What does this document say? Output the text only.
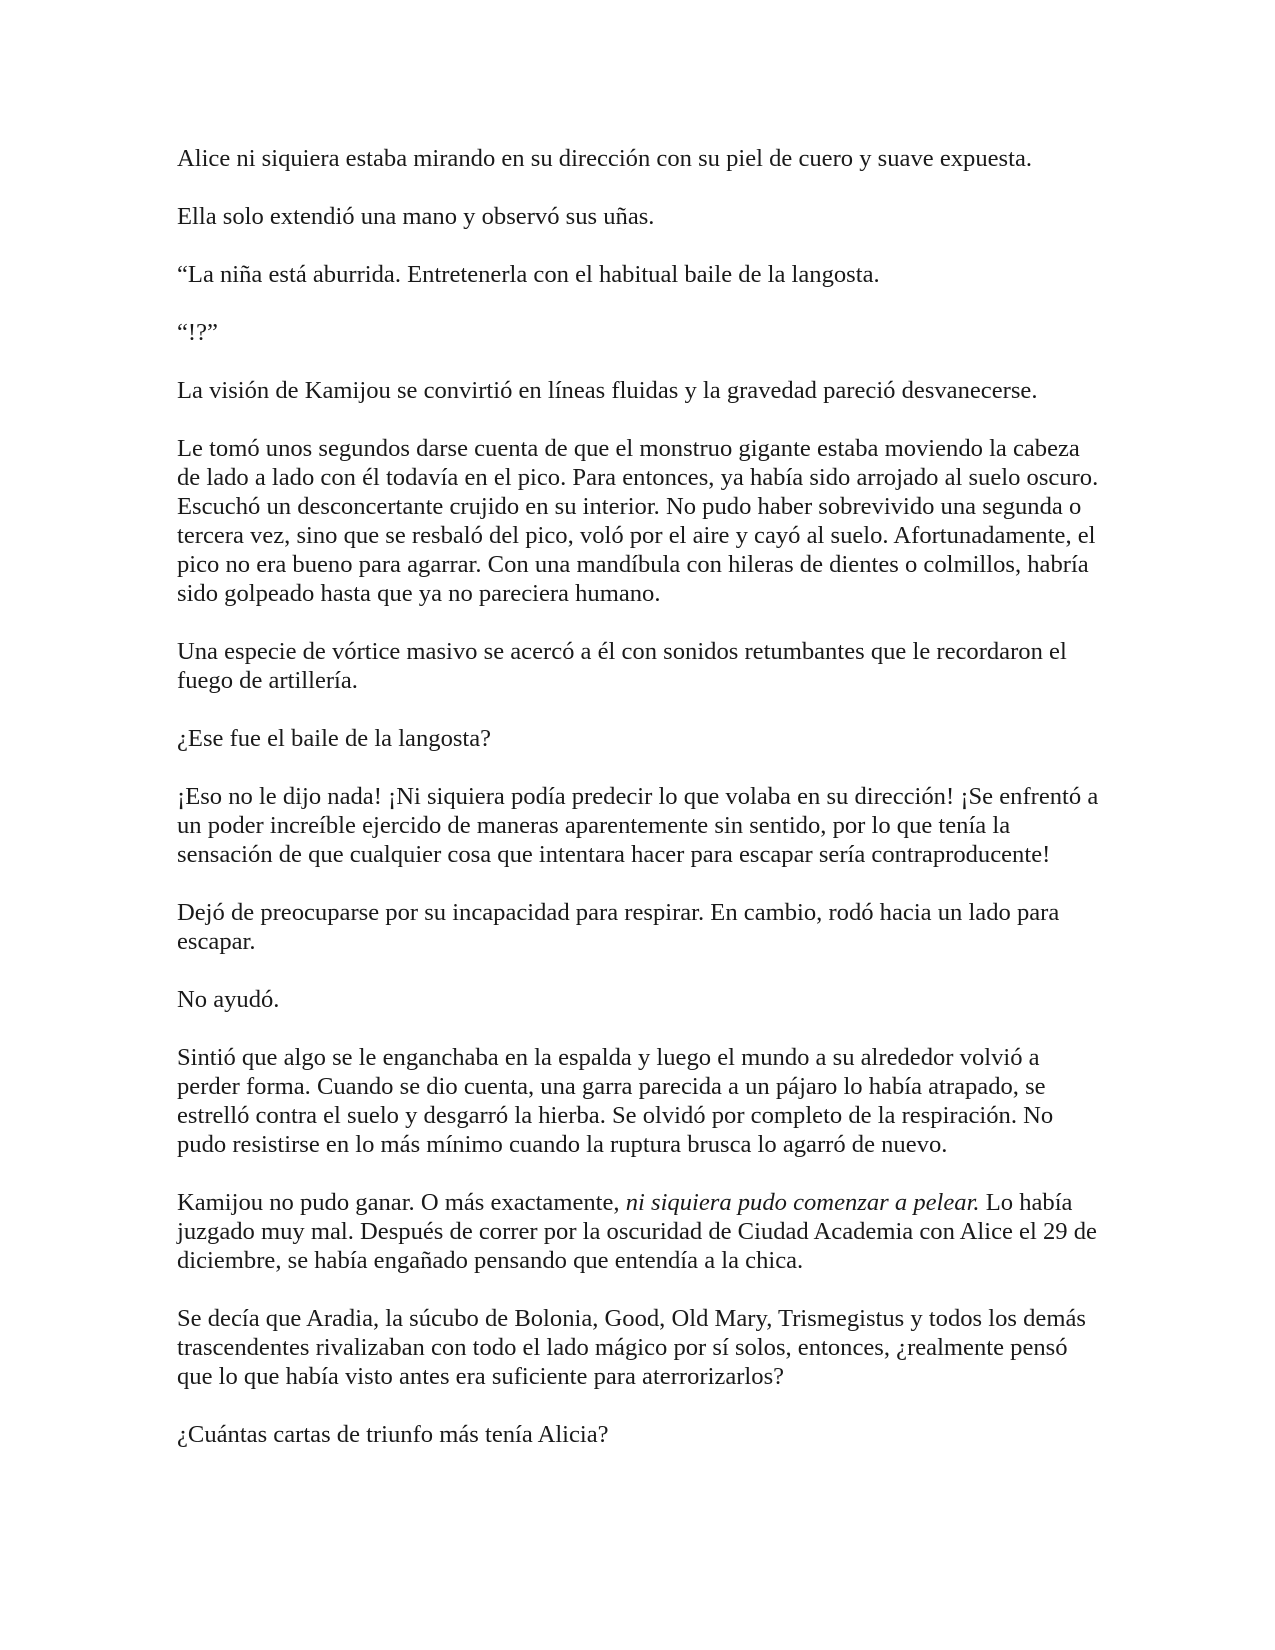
Alice ni siquiera estaba mirando en su dirección con su piel de cuero y suave expuesta.

Ella solo extendió una mano y observó sus uñas.

“La niña está aburrida. Entretenerla con el habitual baile de la langosta.

“!?”

La visión de Kamijou se convirtió en líneas fluidas y la gravedad pareció desvanecerse.

Le tomó unos segundos darse cuenta de que el monstruo gigante estaba moviendo la cabeza de lado a lado con él todavía en el pico. Para entonces, ya había sido arrojado al suelo oscuro. Escuchó un desconcertante crujido en su interior. No pudo haber sobrevivido una segunda o tercera vez, sino que se resbaló del pico, voló por el aire y cayó al suelo. Afortunadamente, el pico no era bueno para agarrar. Con una mandíbula con hileras de dientes o colmillos, habría sido golpeado hasta que ya no pareciera humano.

Una especie de vórtice masivo se acercó a él con sonidos retumbantes que le recordaron el fuego de artillería.

¿Ese fue el baile de la langosta?

¡Eso no le dijo nada! ¡Ni siquiera podía predecir lo que volaba en su dirección! ¡Se enfrentó a un poder increíble ejercido de maneras aparentemente sin sentido, por lo que tenía la sensación de que cualquier cosa que intentara hacer para escapar sería contraproducente!

Dejó de preocuparse por su incapacidad para respirar. En cambio, rodó hacia un lado para escapar.

No ayudó.

Sintió que algo se le enganchaba en la espalda y luego el mundo a su alrededor volvió a perder forma. Cuando se dio cuenta, una garra parecida a un pájaro lo había atrapado, se estrelló contra el suelo y desgarró la hierba. Se olvidó por completo de la respiración. No pudo resistirse en lo más mínimo cuando la ruptura brusca lo agarró de nuevo.

Kamijou no pudo ganar. O más exactamente, ni siquiera pudo comenzar a pelear. Lo había juzgado muy mal. Después de correr por la oscuridad de Ciudad Academia con Alice el 29 de diciembre, se había engañado pensando que entendía a la chica.

Se decía que Aradia, la súcubo de Bolonia, Good, Old Mary, Trismegistus y todos los demás trascendentes rivalizaban con todo el lado mágico por sí solos, entonces, ¿realmente pensó que lo que había visto antes era suficiente para aterrorizarlos?

¿Cuántas cartas de triunfo más tenía Alicia?
